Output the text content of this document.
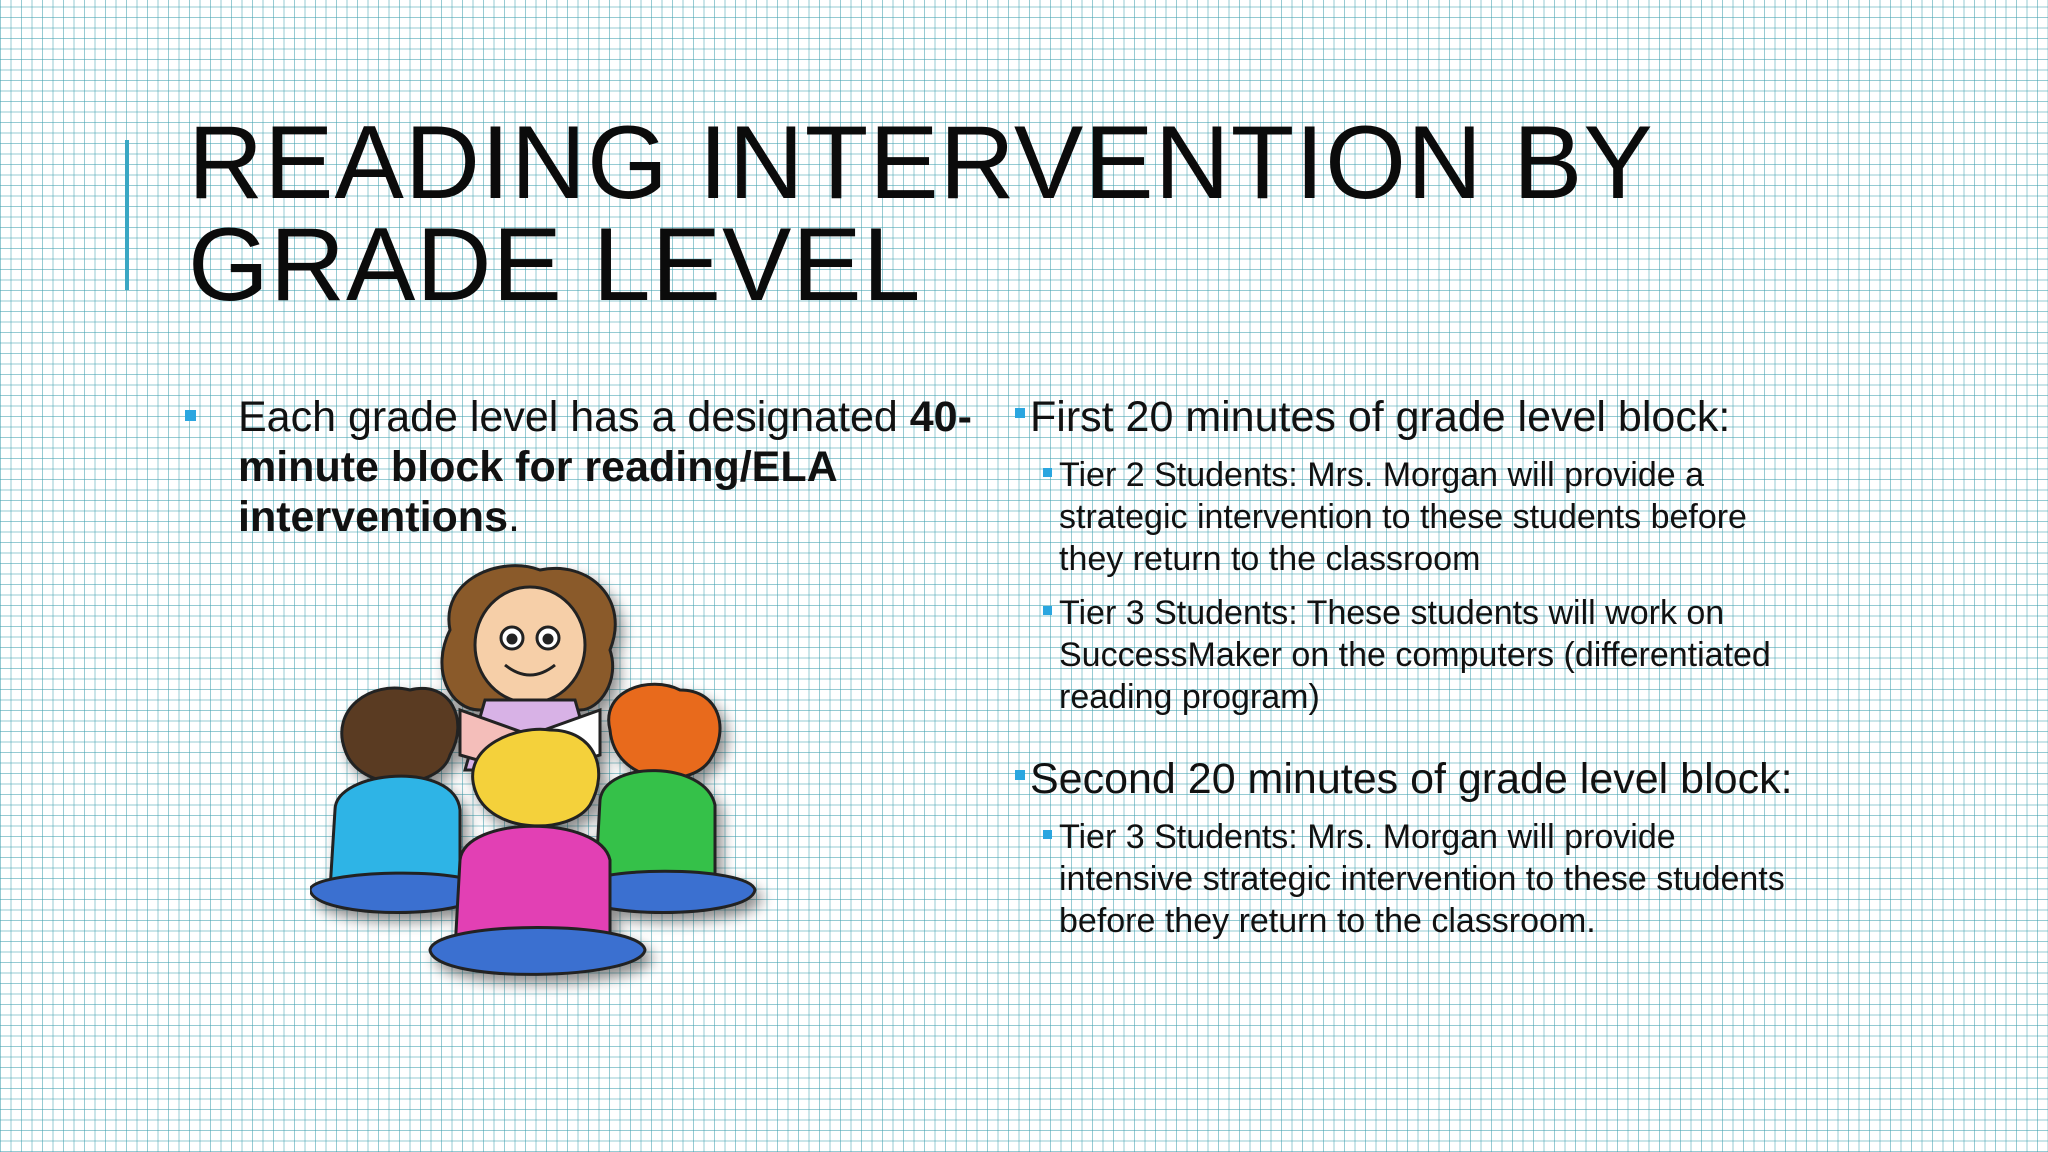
READING INTERVENTION BY GRADE LEVEL
Each grade level has a designated 40-minute block for reading/ELA interventions.
First 20 minutes of grade level block:
Tier 2 Students: Mrs. Morgan will provide a strategic intervention to these students before they return to the classroom
Tier 3 Students: These students will work on SuccessMaker on the computers (differentiated reading program)
Second 20 minutes of grade level block:
Tier 3 Students: Mrs. Morgan will provide intensive strategic intervention to these students before they return to the classroom.
